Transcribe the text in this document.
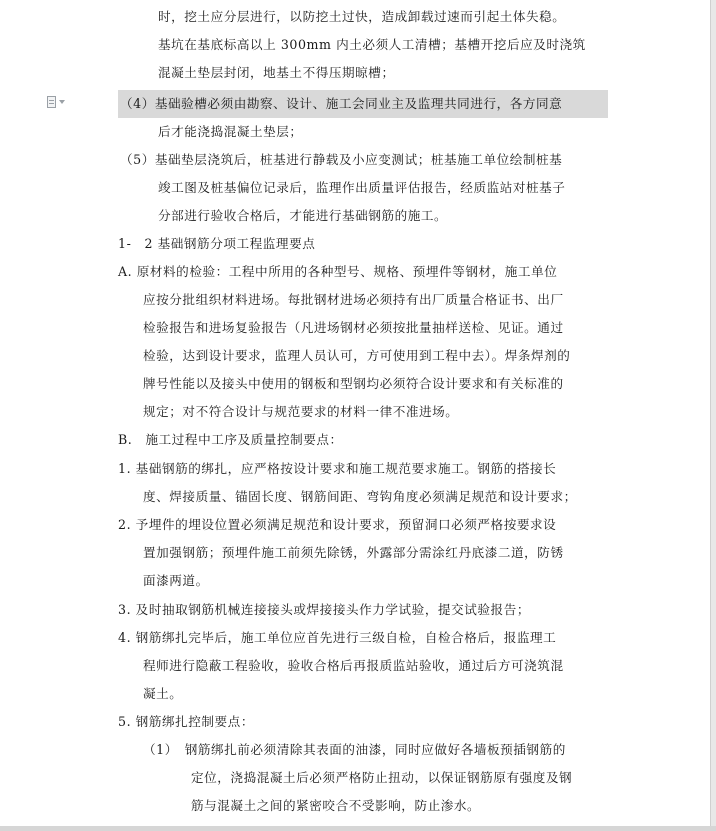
时，挖土应分层进行，以防挖土过快，造成卸载过速而引起土体失稳。
基坑在基底标高以上 300mm 内土必须人工清槽；基槽开挖后应及时浇筑
混凝土垫层封闭，地基土不得压期晾槽；
（4）基础验槽必须由勘察、设计、施工会同业主及监理共同进行，各方同意
后才能浇捣混凝土垫层；
（5）基础垫层浇筑后，桩基进行静载及小应变测试；桩基施工单位绘制桩基
竣工图及桩基偏位记录后，监理作出质量评估报告，经质监站对桩基子
分部进行验收合格后，才能进行基础钢筋的施工。
1-　2 基础钢筋分项工程监理要点
A. 原材料的检验：工程中所用的各种型号、规格、预埋件等钢材，施工单位
应按分批组织材料进场。每批钢材进场必须持有出厂质量合格证书、出厂
检验报告和进场复验报告（凡进场钢材必须按批量抽样送检、见证。通过
检验，达到设计要求，监理人员认可，方可使用到工程中去）。焊条焊剂的
牌号性能以及接头中使用的钢板和型钢均必须符合设计要求和有关标准的
规定；对不符合设计与规范要求的材料一律不准进场。
B.　施工过程中工序及质量控制要点：
1. 基础钢筋的绑扎，应严格按设计要求和施工规范要求施工。钢筋的搭接长
度、焊接质量、锚固长度、钢筋间距、弯钩角度必须满足规范和设计要求；
2. 予埋件的埋设位置必须满足规范和设计要求，预留洞口必须严格按要求设
置加强钢筋；预埋件施工前须先除锈，外露部分需涂红丹底漆二道，防锈
面漆两道。
3. 及时抽取钢筋机械连接接头或焊接接头作力学试验，提交试验报告；
4. 钢筋绑扎完毕后，施工单位应首先进行三级自检，自检合格后，报监理工
程师进行隐蔽工程验收，验收合格后再报质监站验收，通过后方可浇筑混
凝土。
5. 钢筋绑扎控制要点：
（1）　钢筋绑扎前必须清除其表面的油漆，同时应做好各墙板预插钢筋的
定位，浇捣混凝土后必须严格防止扭动，以保证钢筋原有强度及钢
筋与混凝土之间的紧密咬合不受影响，防止渗水。
